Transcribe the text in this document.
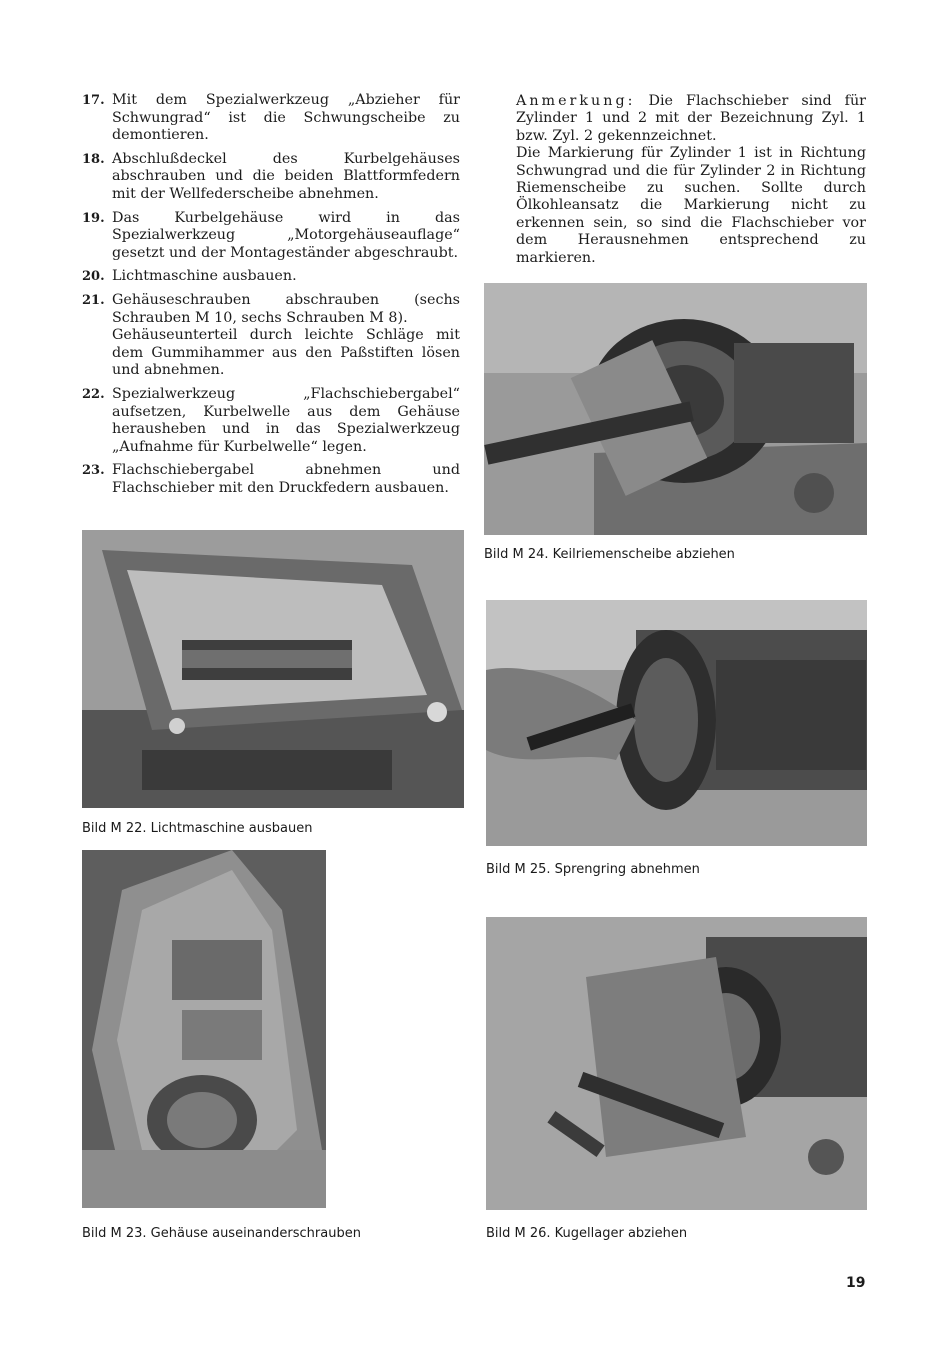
17. Mit dem Spezialwerkzeug „Abzieher für Schwungrad“ ist die Schwungscheibe zu demontieren.

18. Abschlußdeckel des Kurbelgehäuses abschrauben und die beiden Blattformfedern mit der Wellfederscheibe abnehmen.

19. Das Kurbelgehäuse wird in das Spezialwerkzeug „Motorgehäuseauflage“ gesetzt und der Montageständer abgeschraubt.

20. Lichtmaschine ausbauen.

21. Gehäuseschrauben abschrauben (sechs Schrauben M 10, sechs Schrauben M 8).

Gehäuseunterteil durch leichte Schläge mit dem Gummihammer aus den Paßstiften lösen und abnehmen.

22. Spezialwerkzeug „Flachschiebergabel“ aufsetzen, Kurbelwelle aus dem Gehäuse herausheben und in das Spezialwerkzeug „Aufnahme für Kurbelwelle“ legen.

23. Flachschiebergabel abnehmen und Flachschieber mit den Druckfedern ausbauen.

Anmerkung: Die Flachschieber sind für Zylinder 1 und 2 mit der Bezeichnung Zyl. 1 bzw. Zyl. 2 gekennzeichnet.

Die Markierung für Zylinder 1 ist in Richtung Schwungrad und die für Zylinder 2 in Richtung Riemenscheibe zu suchen. Sollte durch Ölkohleansatz die Markierung nicht zu erkennen sein, so sind die Flachschieber vor dem Herausnehmen entsprechend zu markieren.

Bild M 24. Keilriemenscheibe abziehen

Bild M 22. Lichtmaschine ausbauen

Bild M 25. Sprengring abnehmen

Bild M 23. Gehäuse auseinanderschrauben	Bild M 26. Kugellager abziehen

19
